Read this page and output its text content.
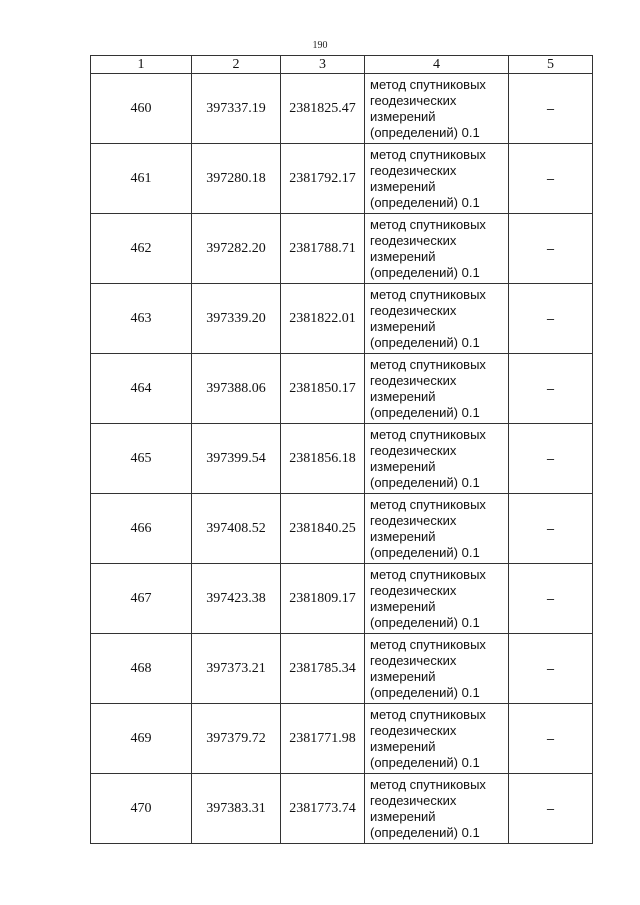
190
1	2	3	4	5
460	397337.19	2381825.47	метод спутниковых геодезических измерений (определений) 0.1	–
461	397280.18	2381792.17	метод спутниковых геодезических измерений (определений) 0.1	–
462	397282.20	2381788.71	метод спутниковых геодезических измерений (определений) 0.1	–
463	397339.20	2381822.01	метод спутниковых геодезических измерений (определений) 0.1	–
464	397388.06	2381850.17	метод спутниковых геодезических измерений (определений) 0.1	–
465	397399.54	2381856.18	метод спутниковых геодезических измерений (определений) 0.1	–
466	397408.52	2381840.25	метод спутниковых геодезических измерений (определений) 0.1	–
467	397423.38	2381809.17	метод спутниковых геодезических измерений (определений) 0.1	–
468	397373.21	2381785.34	метод спутниковых геодезических измерений (определений) 0.1	–
469	397379.72	2381771.98	метод спутниковых геодезических измерений (определений) 0.1	–
470	397383.31	2381773.74	метод спутниковых геодезических измерений (определений) 0.1	–
